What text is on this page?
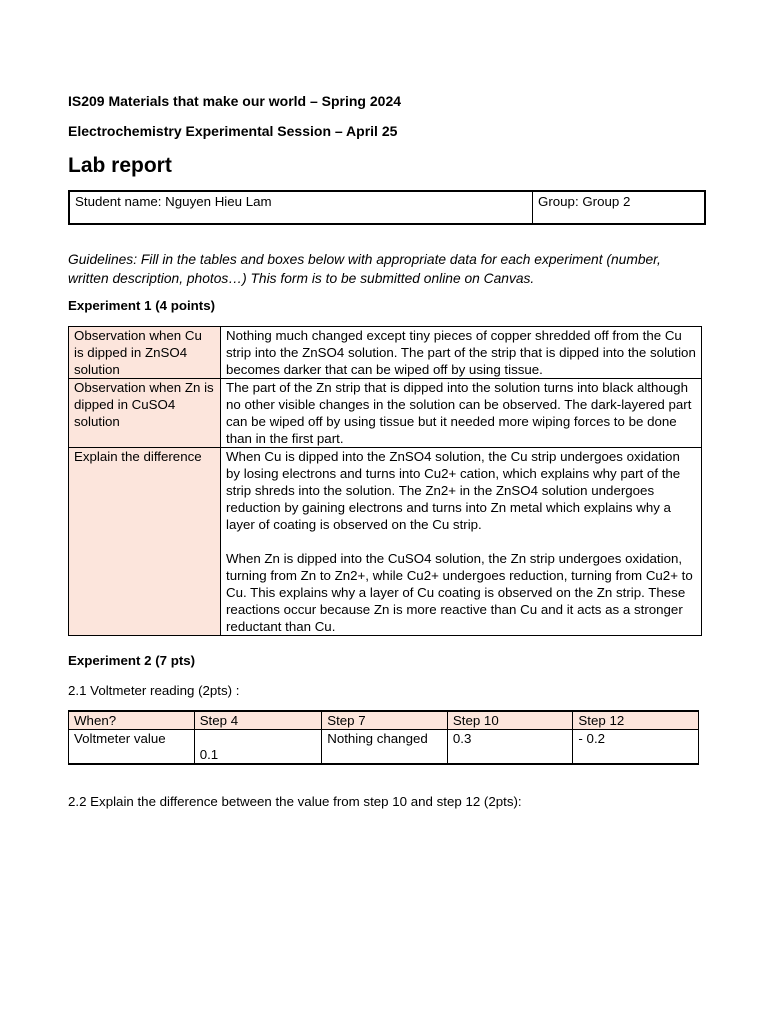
IS209 Materials that make our world – Spring 2024
Electrochemistry Experimental Session – April 25
Lab report
Student name: Nguyen Hieu Lam	Group: Group 2
Guidelines: Fill in the tables and boxes below with appropriate data for each experiment (number, written description, photos…) This form is to be submitted online on Canvas.
Experiment 1 (4 points)
Observation when Cu is dipped in ZnSO4 solution	Nothing much changed except tiny pieces of copper shredded off from the Cu strip into the ZnSO4 solution. The part of the strip that is dipped into the solution becomes darker that can be wiped off by using tissue.

Observation when Zn is dipped in CuSO4 solution	The part of the Zn strip that is dipped into the solution turns into black although no other visible changes in the solution can be observed. The dark-layered part can be wiped off by using tissue but it needed more wiping forces to be done than in the first part.

Explain the difference	When Cu is dipped into the ZnSO4 solution, the Cu strip undergoes oxidation by losing electrons and turns into Cu2+ cation, which explains why part of the strip shreds into the solution. The Zn2+ in the ZnSO4 solution undergoes reduction by gaining electrons and turns into Zn metal which explains why a layer of coating is observed on the Cu strip.
When Zn is dipped into the CuSO4 solution, the Zn strip undergoes oxidation, turning from Zn to Zn2+, while Cu2+ undergoes reduction, turning from Cu2+ to Cu. This explains why a layer of Cu coating is observed on the Zn strip. These reactions occur because Zn is more reactive than Cu and it acts as a stronger reductant than Cu.
Experiment 2 (7 pts)
2.1 Voltmeter reading (2pts) :
When?	Step 4	Step 7	Step 10	Step 12
Voltmeter value	0.1	Nothing changed	0.3	- 0.2
2.2 Explain the difference between the value from step 10 and step 12 (2pts):
